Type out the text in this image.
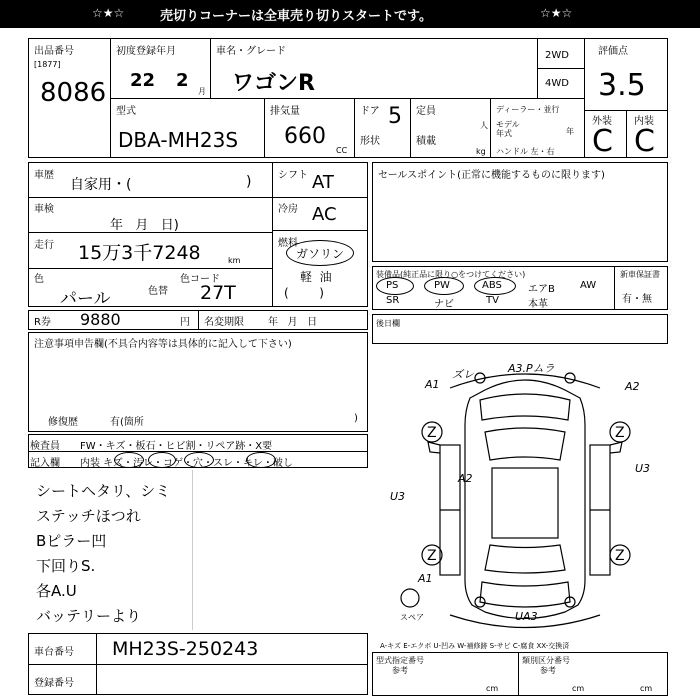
☆★☆	売切りコーナーは全車売り切りスタートです。	☆★☆
出品番号
[1877]
8086
初度登録年月
22 2
月
車名・グレード
ワゴンR
2WD
4WD
評価点
3.5
型式
DBA-MH23S
排気量
660
CC
ドア 5
形状
定員
人
積載
kg
ディーラー・並行
モデル
年式	年
ハンドル 左・右
外装 内装
C C
車歴
自家用・(	)
車検
年   月   日)
走行 15万3千7248	km
色
色替
色コード
パール	27T
シフト AT
冷房 AC
燃料
ガソリン
軽  油
(        )
セールスポイント(正常に機能するものに限ります)
装備品(純正品に限り○をつけてください)
PS	PW	ABS	エアB	AW
SR	ナビ	TV	本革
新車保証書
有・無
R券 9880	円 名変期限 年   月   日
注意事項申告欄(不具合内容等は具体的に記入して下さい)
修復歴	有(箇所	)
後日欄
検査員
記入欄
FW・キズ・板石・ヒビ割・リペア跡・X要
内装 キズ・汚レ・コゲ・穴・スレ・キレ・破し
シートヘタリ、シミ
ステッチほつれ
Bピラー凹
下回りS.
各A.U
バッテリーより
A1
ズレ	A3.Pムラ
A2
U3
U3
A2
A1
UA3
スペア
Z	Z
Z	Z
A-キズ E-エクボ U-凹み W-補修跡 S-サビ C-腐食 XX-交換済
車台番号 MH23S-250243
登録番号
型式指定番号	類別区分番号
参考	参考
cm	cm	cm
